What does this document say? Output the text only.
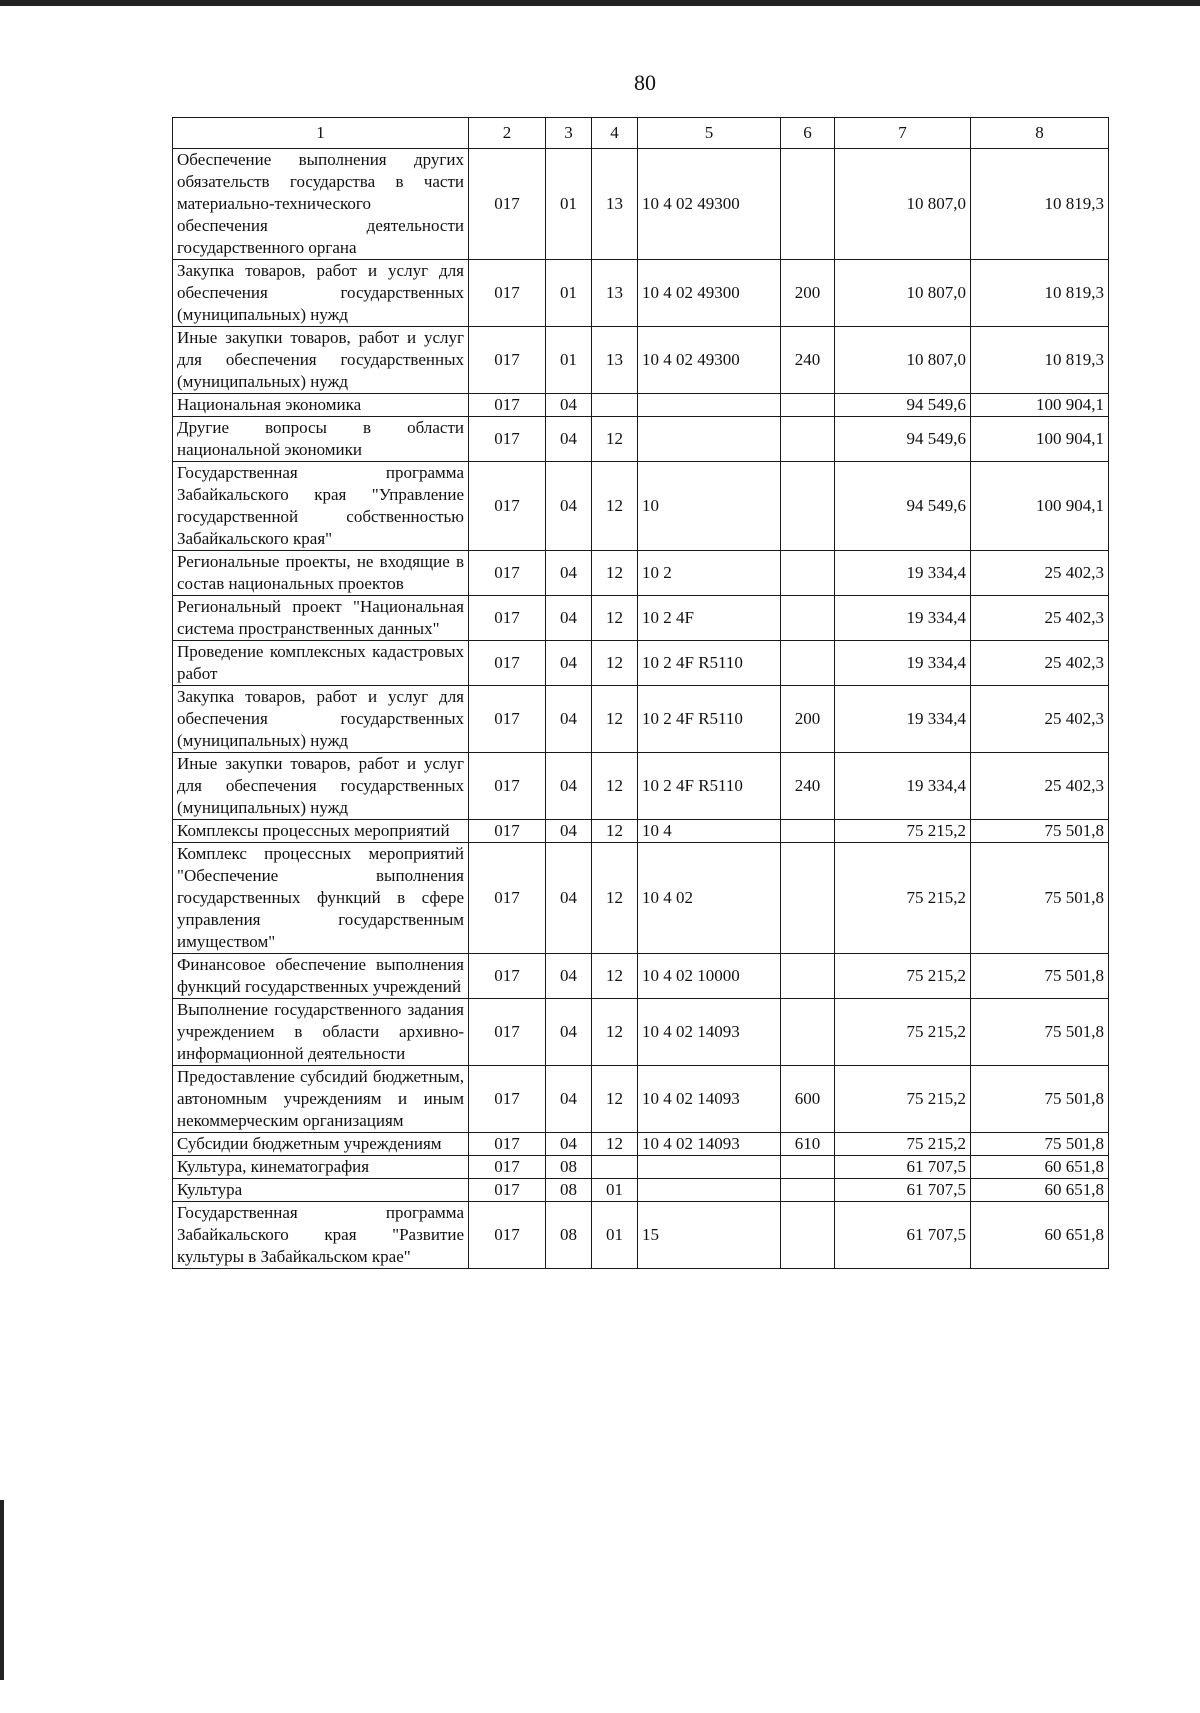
80
1	2	3	4	5	6	7	8
Обеспечение выполнения других обязательств государства в части материально-технического обеспечения деятельности государственного органа	017	01	13	10 4 02 49300		10 807,0	10 819,3
Закупка товаров, работ и услуг для обеспечения государственных (муниципальных) нужд	017	01	13	10 4 02 49300	200	10 807,0	10 819,3
Иные закупки товаров, работ и услуг для обеспечения государственных (муниципальных) нужд	017	01	13	10 4 02 49300	240	10 807,0	10 819,3
Национальная экономика	017	04				94 549,6	100 904,1
Другие вопросы в области национальной экономики	017	04	12			94 549,6	100 904,1
Государственная программа Забайкальского края "Управление государственной собственностью Забайкальского края"	017	04	12	10		94 549,6	100 904,1
Региональные проекты, не входящие в состав национальных проектов	017	04	12	10 2		19 334,4	25 402,3
Региональный проект "Национальная система пространственных данных"	017	04	12	10 2 4F		19 334,4	25 402,3
Проведение комплексных кадастровых работ	017	04	12	10 2 4F R5110		19 334,4	25 402,3
Закупка товаров, работ и услуг для обеспечения государственных (муниципальных) нужд	017	04	12	10 2 4F R5110	200	19 334,4	25 402,3
Иные закупки товаров, работ и услуг для обеспечения государственных (муниципальных) нужд	017	04	12	10 2 4F R5110	240	19 334,4	25 402,3
Комплексы процессных мероприятий	017	04	12	10 4		75 215,2	75 501,8
Комплекс процессных мероприятий "Обеспечение выполнения государственных функций в сфере управления государственным имуществом"	017	04	12	10 4 02		75 215,2	75 501,8
Финансовое обеспечение выполнения функций государственных учреждений	017	04	12	10 4 02 10000		75 215,2	75 501,8
Выполнение государственного задания учреждением в области архивно-информационной деятельности	017	04	12	10 4 02 14093		75 215,2	75 501,8
Предоставление субсидий бюджетным, автономным учреждениям и иным некоммерческим организациям	017	04	12	10 4 02 14093	600	75 215,2	75 501,8
Субсидии бюджетным учреждениям	017	04	12	10 4 02 14093	610	75 215,2	75 501,8
Культура, кинематография	017	08				61 707,5	60 651,8
Культура	017	08	01			61 707,5	60 651,8
Государственная программа Забайкальского края "Развитие культуры в Забайкальском крае"	017	08	01	15		61 707,5	60 651,8
